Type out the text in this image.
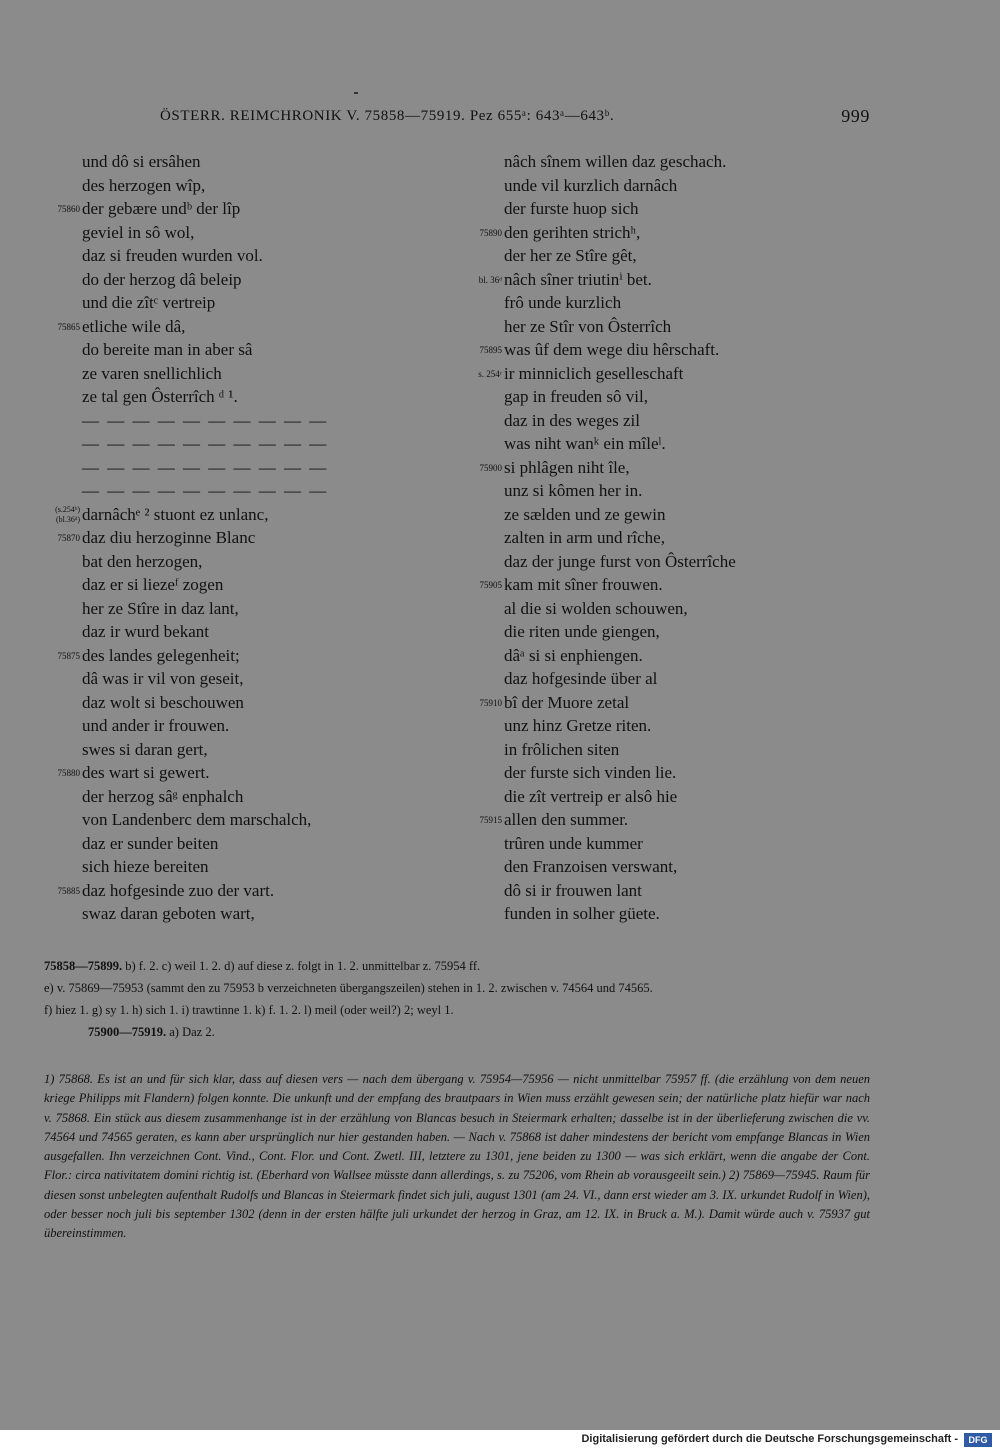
ÖSTERR. REIMCHRONIK V. 75858—75919. Pez 655ᵃ: 643ᵃ—643ᵇ.	999
und dô si ersâhen
des herzogen wîp,
75860 der gebære undᵇ der lîp
geviel in sô wol,
daz si freuden wurden vol.
do der herzog dâ beleip
und die zîtᶜ vertreip
75865 etliche wile dâ,
do bereite man in aber sâ
ze varen snellichlich
ze tal gen Ôsterrîch ᵈ ¹.
— — — — — — — — — —
— — — — — — — — — —
— — — — — — — — — —
— — — — — — — — — —
(s.254ᵇ)
(bl.36ᵈ) darnâchᵉ ² stuont ez unlanc,
75870 daz diu herzoginne Blanc
bat den herzogen,
daz er si liezeᶠ zogen
her ze Stîre in daz lant,
daz ir wurd bekant
75875 des landes gelegenheit;
dâ was ir vil von geseit,
daz wolt si beschouwen
und ander ir frouwen.
swes si daran gert,
75880 des wart si gewert.
der herzog sâᵍ enphalch
von Landenberc dem marschalch,
daz er sunder beiten
sich hieze bereiten
75885 daz hofgesinde zuo der vart.
swaz daran geboten wart,
nâch sînem willen daz geschach.
unde vil kurzlich darnâch
der furste huop sich
75890 den gerihten strichʰ,
der her ze Stîre gêt,
bl. 36ᵈ nâch sîner triutinⁱ bet.
frô unde kurzlich
her ze Stîr von Ôsterrîch
75895 was ûf dem wege diu hêrschaft.
s. 254ᶜ ir minniclich geselleschaft
gap in freuden sô vil,
daz in des weges zil
was niht wanᵏ ein mîleˡ.
75900 si phlâgen niht île,
unz si kômen her in.
ze sælden und ze gewin
zalten in arm und rîche,
daz der junge furst von Ôsterrîche
75905 kam mit sîner frouwen.
al die si wolden schouwen,
die riten unde giengen,
dâᵃ si si enphiengen.
daz hofgesinde über al
75910 bî der Muore zetal
unz hinz Gretze riten.
in frôlichen siten
der furste sich vinden lie.
die zît vertreip er alsô hie
75915 allen den summer.
trûren unde kummer
den Franzoisen verswant,
dô si ir frouwen lant
funden in solher güete.

75858—75899. b) f. 2. c) weil 1. 2. d) auf diese z. folgt in 1. 2. unmittelbar z. 75954 ff.

e) v. 75869—75953 (sammt den zu 75953 b verzeichneten übergangszeilen) stehen in 1. 2. zwischen v. 74564 und 74565.

f) hiez 1. g) sy 1. h) sich 1. i) trawtinne 1. k) f. 1. 2. l) meil (oder weil?) 2; weyl 1.

75900—75919. a) Daz 2.

1) 75868. Es ist an und für sich klar, dass auf diesen vers — nach dem übergang v. 75954—75956 — nicht unmittelbar 75957 ff. (die erzählung von dem neuen kriege Philipps mit Flandern) folgen konnte. Die unkunft und der empfang des brautpaars in Wien muss erzählt gewesen sein; der natürliche platz hiefür war nach v. 75868. Ein stück aus diesem zusammenhange ist in der erzählung von Blancas besuch in Steiermark erhalten; dasselbe ist in der überlieferung zwischen die vv. 74564 und 74565 geraten, es kann aber ursprünglich nur hier gestanden haben. — Nach v. 75868 ist daher mindestens der bericht vom empfange Blancas in Wien ausgefallen. Ihn verzeichnen Cont. Vind., Cont. Flor. und Cont. Zwetl. III, letztere zu 1301, jene beiden zu 1300 — was sich erklärt, wenn die angabe der Cont. Flor.: circa nativitatem domini richtig ist. (Eberhard von Wallsee müsste dann allerdings, s. zu 75206, vom Rhein ab vorausgeeilt sein.) 2) 75869—75945. Raum für diesen sonst unbelegten aufenthalt Rudolfs und Blancas in Steiermark findet sich juli, august 1301 (am 24. VI., dann erst wieder am 3. IX. urkundet Rudolf in Wien), oder besser noch juli bis september 1302 (denn in der ersten hälfte juli urkundet der herzog in Graz, am 12. IX. in Bruck a. M.). Damit würde auch v. 75937 gut übereinstimmen.
Digitalisierung gefördert durch die Deutsche Forschungsgemeinschaft -	DFG
